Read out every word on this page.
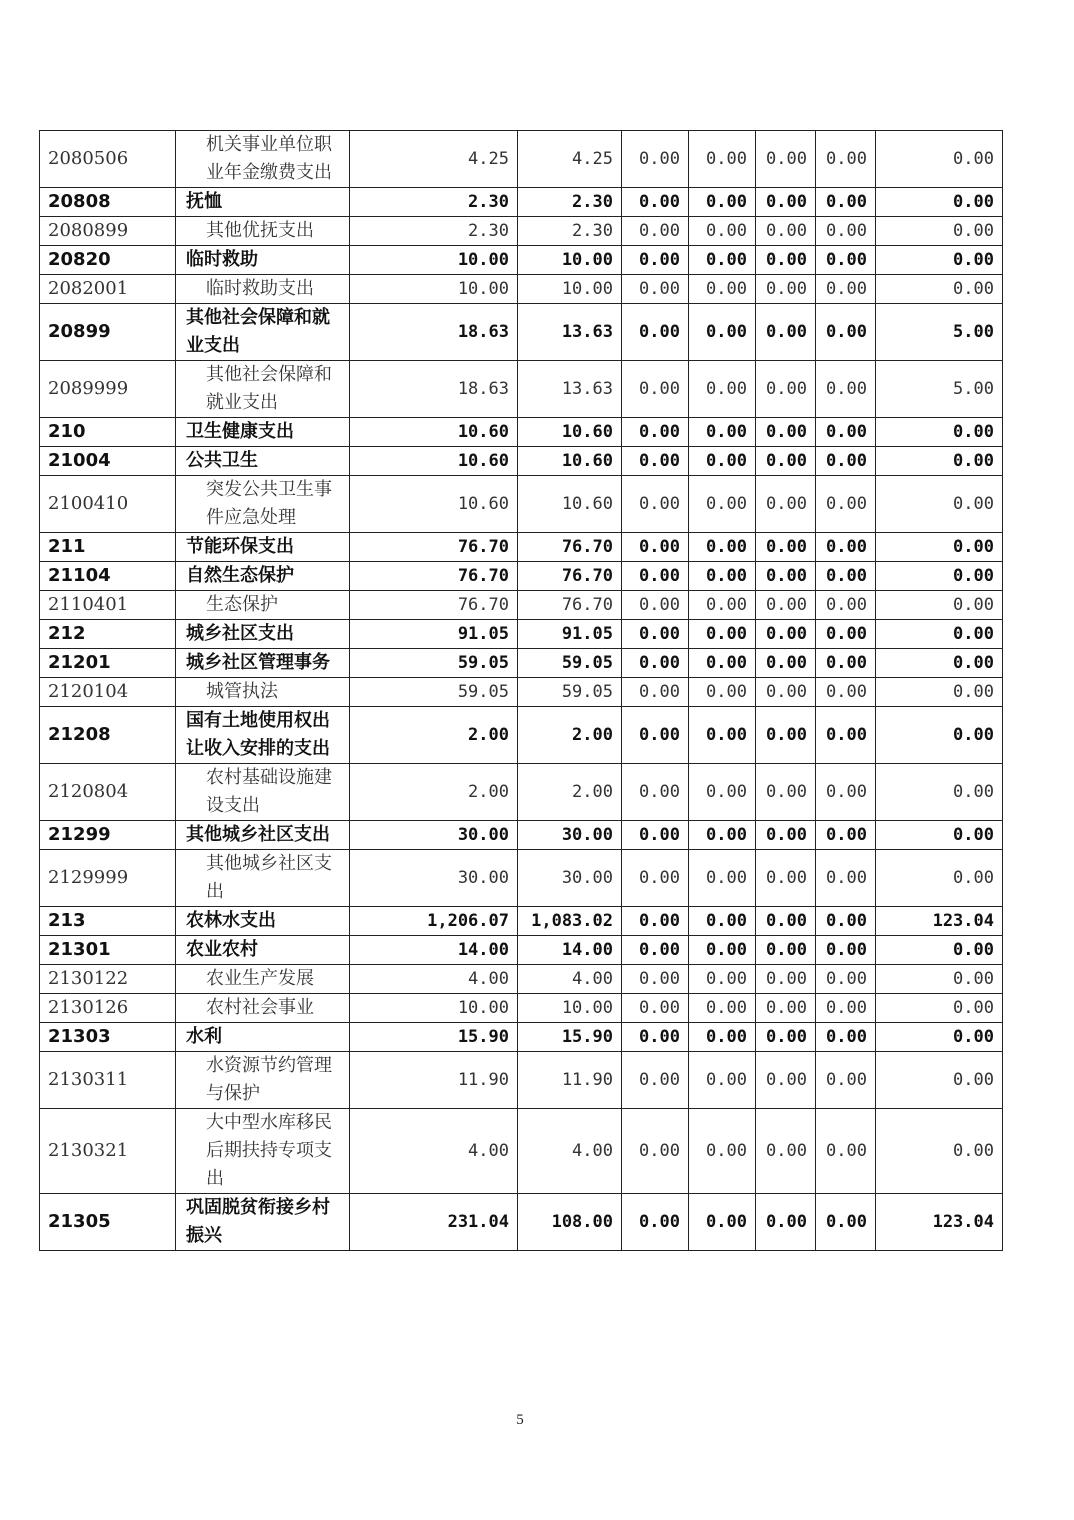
2080506	机关事业单位职业年金缴费支出	4.25	4.25	0.00	0.00	0.00	0.00	0.00
20808	抚恤	2.30	2.30	0.00	0.00	0.00	0.00	0.00
2080899	其他优抚支出	2.30	2.30	0.00	0.00	0.00	0.00	0.00
20820	临时救助	10.00	10.00	0.00	0.00	0.00	0.00	0.00
2082001	临时救助支出	10.00	10.00	0.00	0.00	0.00	0.00	0.00
20899	其他社会保障和就业支出	18.63	13.63	0.00	0.00	0.00	0.00	5.00
2089999	其他社会保障和就业支出	18.63	13.63	0.00	0.00	0.00	0.00	5.00
210	卫生健康支出	10.60	10.60	0.00	0.00	0.00	0.00	0.00
21004	公共卫生	10.60	10.60	0.00	0.00	0.00	0.00	0.00
2100410	突发公共卫生事件应急处理	10.60	10.60	0.00	0.00	0.00	0.00	0.00
211	节能环保支出	76.70	76.70	0.00	0.00	0.00	0.00	0.00
21104	自然生态保护	76.70	76.70	0.00	0.00	0.00	0.00	0.00
2110401	生态保护	76.70	76.70	0.00	0.00	0.00	0.00	0.00
212	城乡社区支出	91.05	91.05	0.00	0.00	0.00	0.00	0.00
21201	城乡社区管理事务	59.05	59.05	0.00	0.00	0.00	0.00	0.00
2120104	城管执法	59.05	59.05	0.00	0.00	0.00	0.00	0.00
21208	国有土地使用权出让收入安排的支出	2.00	2.00	0.00	0.00	0.00	0.00	0.00
2120804	农村基础设施建设支出	2.00	2.00	0.00	0.00	0.00	0.00	0.00
21299	其他城乡社区支出	30.00	30.00	0.00	0.00	0.00	0.00	0.00
2129999	其他城乡社区支出	30.00	30.00	0.00	0.00	0.00	0.00	0.00
213	农林水支出	1,206.07	1,083.02	0.00	0.00	0.00	0.00	123.04
21301	农业农村	14.00	14.00	0.00	0.00	0.00	0.00	0.00
2130122	农业生产发展	4.00	4.00	0.00	0.00	0.00	0.00	0.00
2130126	农村社会事业	10.00	10.00	0.00	0.00	0.00	0.00	0.00
21303	水利	15.90	15.90	0.00	0.00	0.00	0.00	0.00
2130311	水资源节约管理与保护	11.90	11.90	0.00	0.00	0.00	0.00	0.00
2130321	大中型水库移民后期扶持专项支出	4.00	4.00	0.00	0.00	0.00	0.00	0.00
21305	巩固脱贫衔接乡村振兴	231.04	108.00	0.00	0.00	0.00	0.00	123.04
5
